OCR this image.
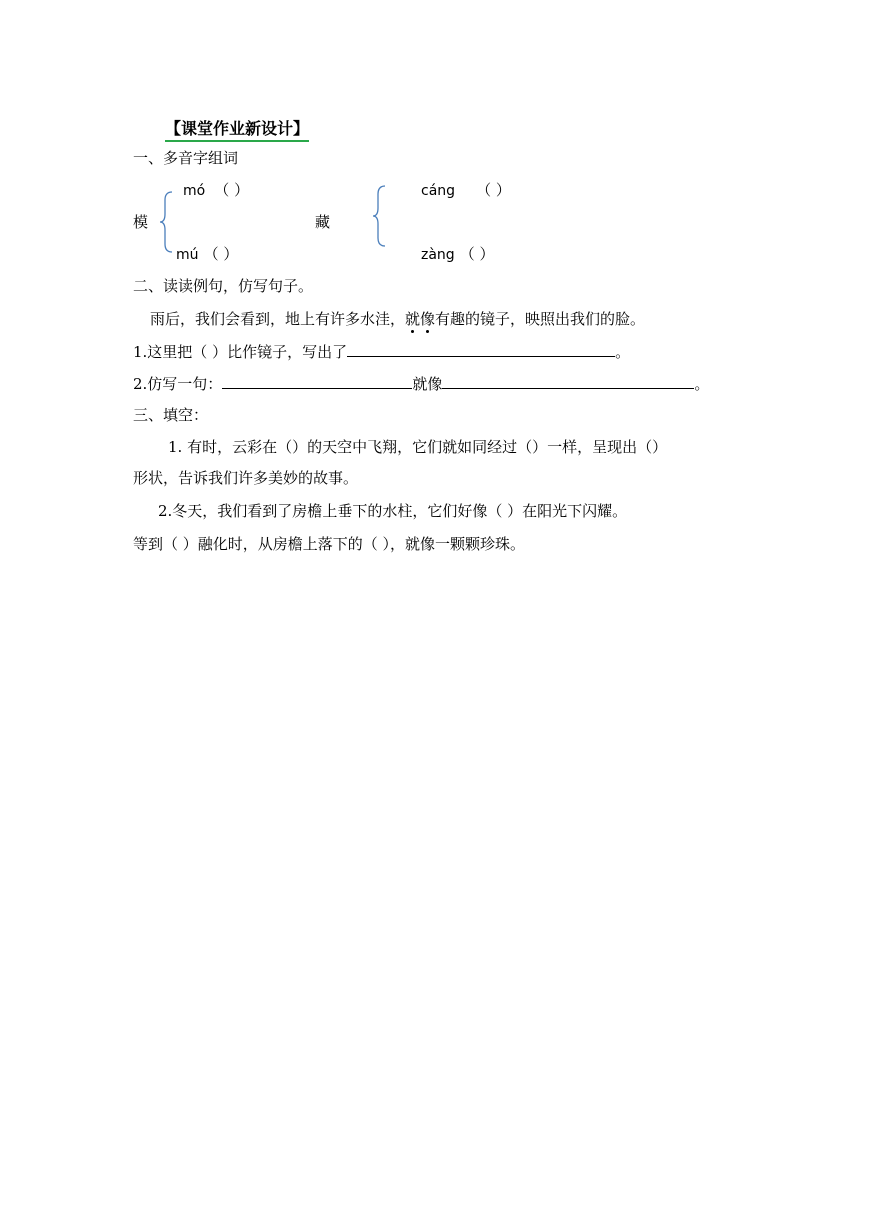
【课堂作业新设计】
一、多音字组词
模
mó （ ）
mú （ ）
藏
cáng （ ）
zàng （ ）
二、读读例句，仿写句子。
雨后，我们会看到，地上有许多水洼，就像有趣的镜子，映照出我们的脸。
1.这里把（ ）比作镜子，写出了	。
2.仿写一句：	就像	。
三、填空：
1. 有时，云彩在（）的天空中飞翔，它们就如同经过（）一样，呈现出（）
形状，告诉我们许多美妙的故事。
2.冬天，我们看到了房檐上垂下的水柱，它们好像（ ）在阳光下闪耀。
等到（ ）融化时，从房檐上落下的（ ），就像一颗颗珍珠。
